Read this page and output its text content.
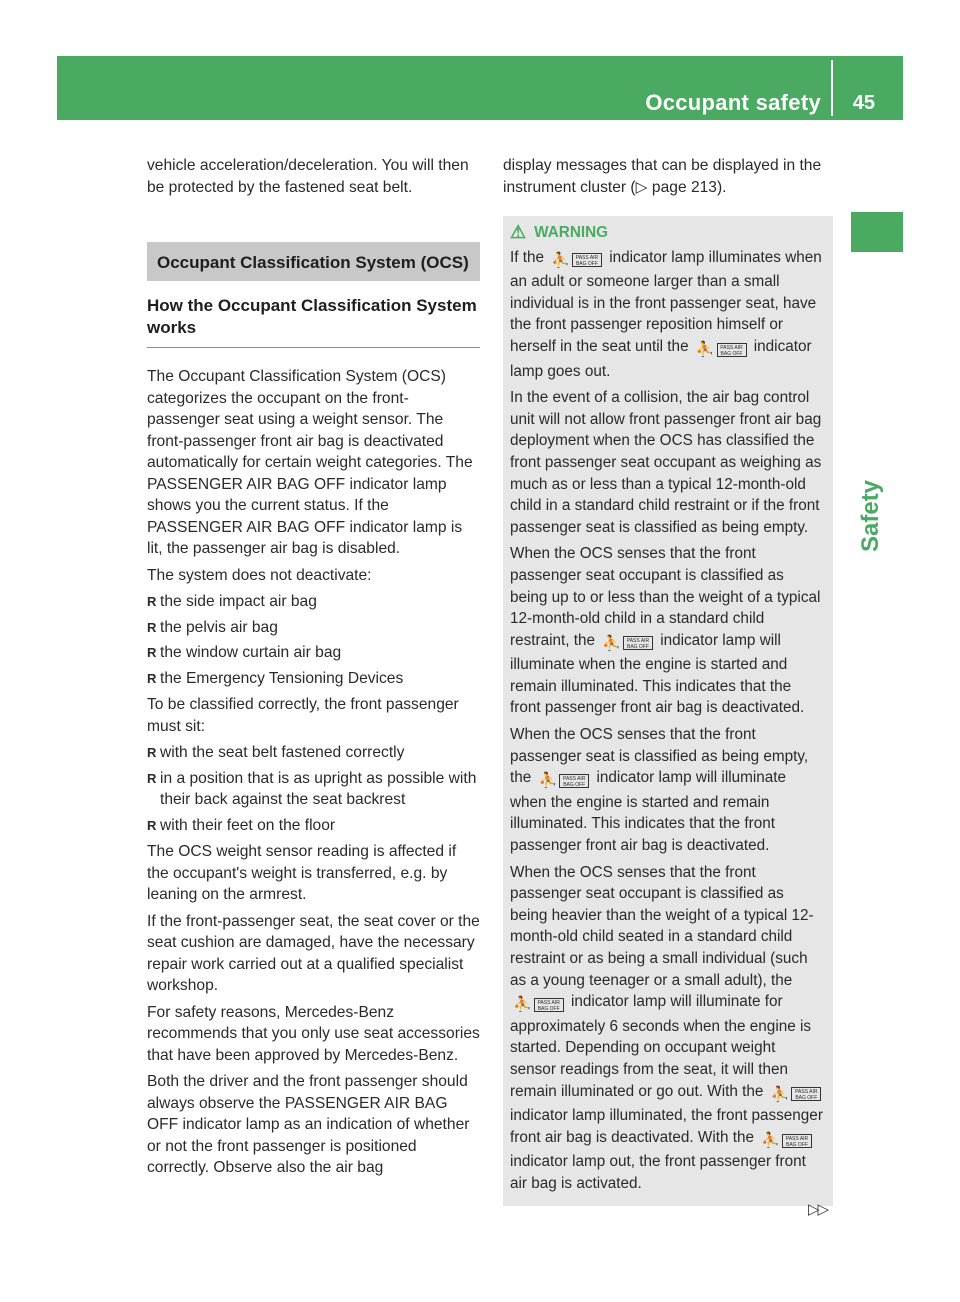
Occupant safety 45
Safety

vehicle acceleration/deceleration. You will then be protected by the fastened seat belt.

Occupant Classification System (OCS)
How the Occupant Classification System works

The Occupant Classification System (OCS) categorizes the occupant on the front-passenger seat using a weight sensor. The front-passenger front air bag is deactivated automatically for certain weight categories. The PASSENGER AIR BAG OFF indicator lamp shows you the current status. If the PASSENGER AIR BAG OFF indicator lamp is lit, the passenger air bag is disabled.

The system does not deactivate:

R the side impact air bag
R the pelvis air bag
R the window curtain air bag
R the Emergency Tensioning Devices

To be classified correctly, the front passenger must sit:

R with the seat belt fastened correctly
R in a position that is as upright as possible with their back against the seat backrest
R with their feet on the floor

The OCS weight sensor reading is affected if the occupant's weight is transferred, e.g. by leaning on the armrest.

If the front-passenger seat, the seat cover or the seat cushion are damaged, have the necessary repair work carried out at a qualified specialist workshop.

For safety reasons, Mercedes-Benz recommends that you only use seat accessories that have been approved by Mercedes-Benz.

Both the driver and the front passenger should always observe the PASSENGER AIR BAG OFF indicator lamp as an indication of whether or not the front passenger is positioned correctly. Observe also the air bag

display messages that can be displayed in the instrument cluster (▷ page 213).

⚠ WARNING

If the ⛹	PASS AIR BAG OFF indicator lamp illuminates when an adult or someone larger than a small individual is in the front passenger seat, have the front passenger reposition himself or herself in the seat until the ⛹	PASS AIR BAG OFF indicator lamp goes out.

In the event of a collision, the air bag control unit will not allow front passenger front air bag deployment when the OCS has classified the front passenger seat occupant as weighing as much as or less than a typical 12-month-old child in a standard child restraint or if the front passenger seat is classified as being empty.

When the OCS senses that the front passenger seat occupant is classified as being up to or less than the weight of a typical 12-month-old child in a standard child restraint, the ⛹	PASS AIR BAG OFF indicator lamp will illuminate when the engine is started and remain illuminated. This indicates that the front passenger front air bag is deactivated.

When the OCS senses that the front passenger seat is classified as being empty, the ⛹	PASS AIR BAG OFF indicator lamp will illuminate when the engine is started and remain illuminated. This indicates that the front passenger front air bag is deactivated.

When the OCS senses that the front passenger seat occupant is classified as being heavier than the weight of a typical 12-month-old child seated in a standard child restraint or as being a small individual (such as a young teenager or a small adult), the
⛹	PASS AIR BAG OFF indicator lamp will illuminate for approximately 6 seconds when the engine is started. Depending on occupant weight sensor readings from the seat, it will then remain illuminated or go out. With the ⛹	PASS AIR BAG OFF
indicator lamp illuminated, the front passenger front air bag is deactivated. With the ⛹	PASS AIR BAG OFF
indicator lamp out, the front passenger front air bag is activated.

▷▷
